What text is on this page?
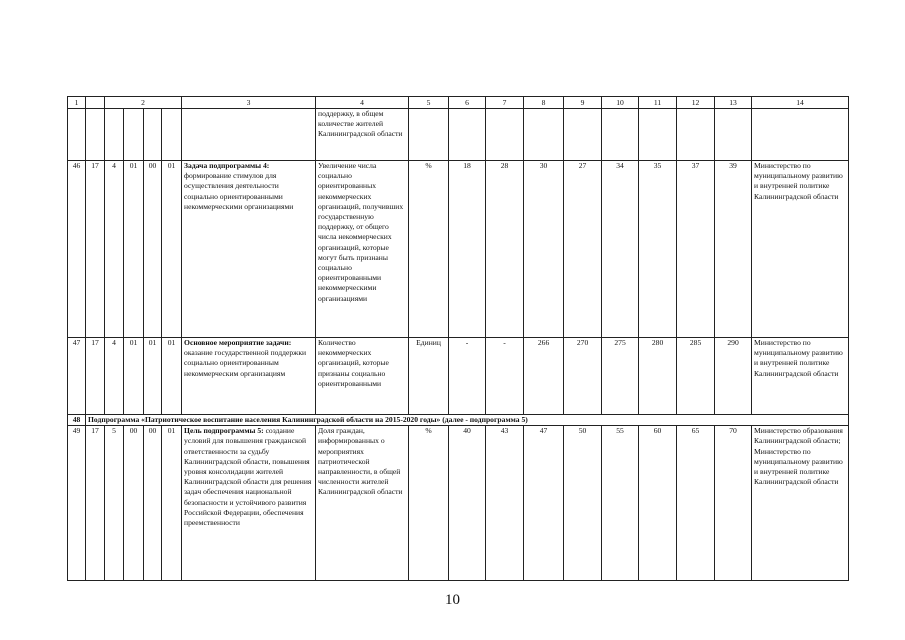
1		2				3	4	5	6	7	8	9	10	11	12	13	14
							поддержку, в общем количестве жителей Калининградской области										
46	17	4	01	00	01	Задача подпрограммы 4: формирование стимулов для осуществления деятельности социально ориентированными некоммерческими организациями	Увеличение числа социально ориентированных некоммерческих организаций, получивших государственную поддержку, от общего числа некоммерческих организаций, которые могут быть признаны социально ориентированными некоммерческими организациями	%	18	28	30	27	34	35	37	39	Министерство по муниципальному развитию и внутренней политике Калининградской области
47	17	4	01	01	01	Основное мероприятие задачи: оказание государственной поддержки социально ориентированным некоммерческим организациям	Количество некоммерческих организаций, которые признаны социально ориентированными	Единиц	-	-	266	270	275	280	285	290	Министерство по муниципальному развитию и внутренней политике Калининградской области
48	Подпрограмма «Патриотическое воспитание населения Калининградской области на 2015-2020 годы» (далее - подпрограмма 5)																
49	17	5	00	00	01	Цель подпрограммы 5: создание условий для повышения гражданской ответственности за судьбу Калининградской области, повышения уровня консолидации жителей Калининградской области для решения задач обеспечения национальной безопасности и устойчивого развития Российской Федерации, обеспечения преемственности	Доля граждан, информированных о мероприятиях патриотической направленности, в общей численности жителей Калининградской области	%	40	43	47	50	55	60	65	70	Министерство образования Калининградской области; Министерство по муниципальному развитию и внутренней политике Калининградской области
10
